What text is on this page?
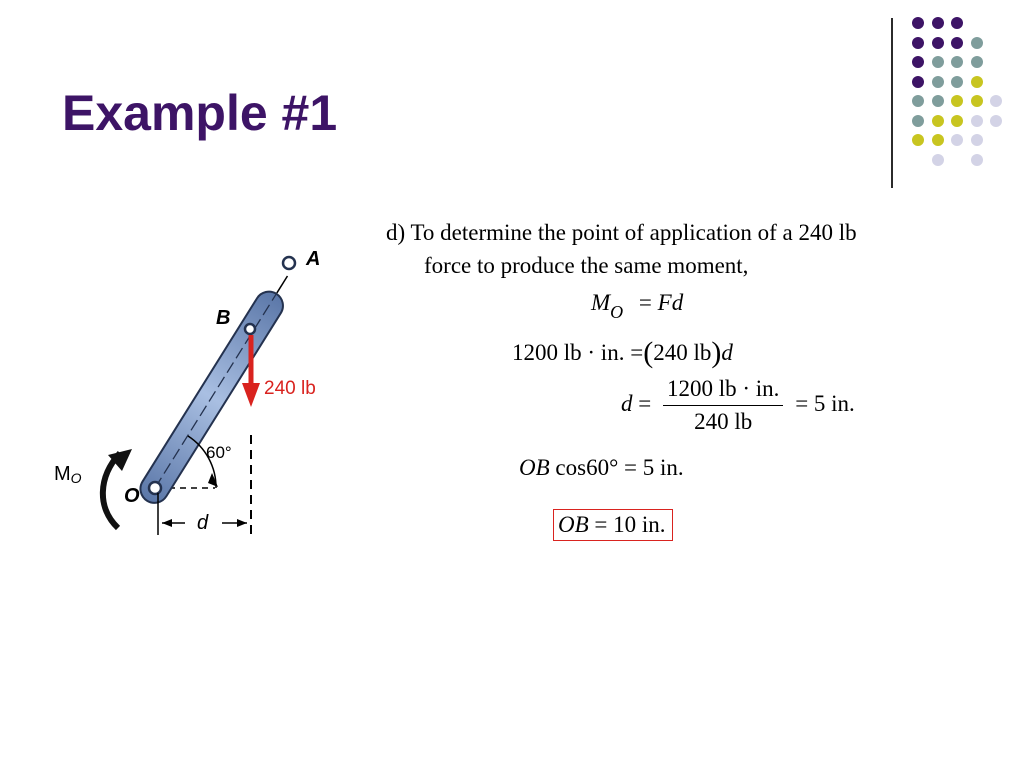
Example #1
A
B
O
240 lb
60°
d
MO
d) To determine the point of application of a 240 lb
force to produce the same moment,
$M_O = Fd$
1200 lb · in. =(240 lb)d
$d = \frac{1200 lb \cdot in.}{240 lb} = 5$ in.
OB cos60° = 5 in.
OB = 10 in.
